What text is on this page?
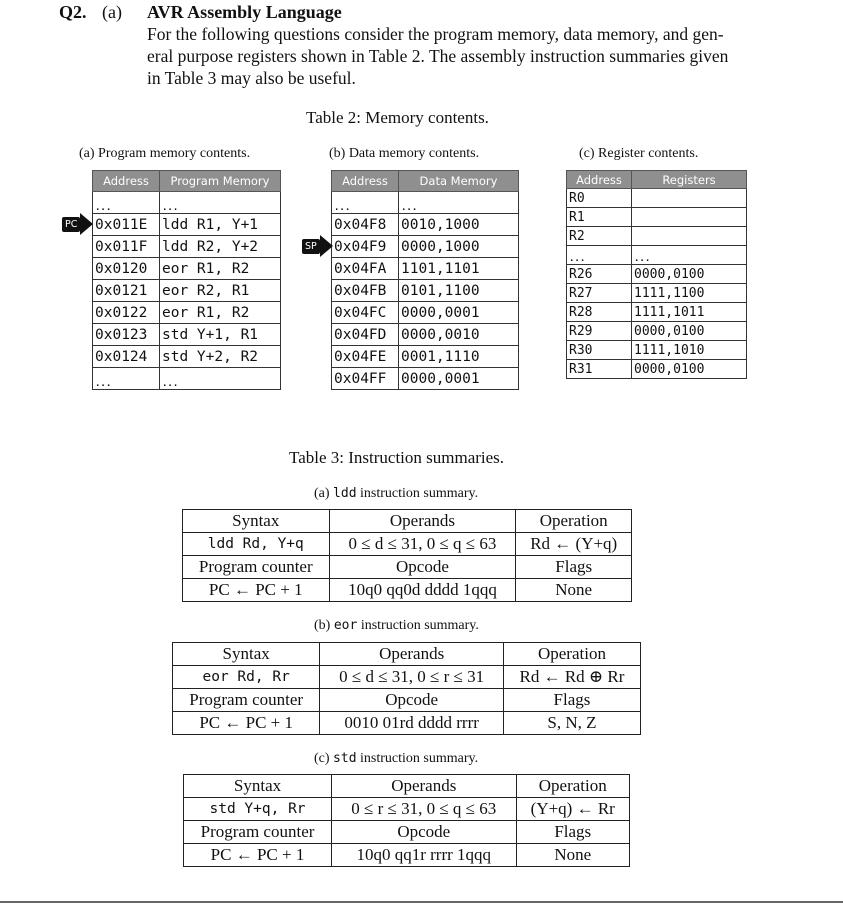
Q2. (a) AVR Assembly Language
For the following questions consider the program memory, data memory, and gen-
eral purpose registers shown in Table 2. The assembly instruction summaries given
in Table 3 may also be useful.
Table 2: Memory contents.
(a) Program memory contents.	(b) Data memory contents.	(c) Register contents.
Address	Program Memory
...	...
0x011E	ldd R1, Y+1
0x011F	ldd R2, Y+2
0x0120	eor R1, R2
0x0121	eor R2, R1
0x0122	eor R1, R2
0x0123	std Y+1, R1
0x0124	std Y+2, R2
...	...
PC
Address	Data Memory
...	...
0x04F8	0010,1000
0x04F9	0000,1000
0x04FA	1101,1101
0x04FB	0101,1100
0x04FC	0000,0001
0x04FD	0000,0010
0x04FE	0001,1110
0x04FF	0000,0001
SP
Address	Registers
R0	
R1	
R2	
...	...
R26	0000,0100
R27	1111,1100
R28	1111,1011
R29	0000,0100
R30	1111,1010
R31	0000,0100
Table 3: Instruction summaries.
(a) ldd instruction summary.
Syntax	Operands	Operation
ldd Rd, Y+q	0 ≤ d ≤ 31, 0 ≤ q ≤ 63	Rd ← (Y+q)
Program counter	Opcode	Flags
PC ← PC + 1	10q0 qq0d dddd 1qqq	None
(b) eor instruction summary.
Syntax	Operands	Operation
eor Rd, Rr	0 ≤ d ≤ 31, 0 ≤ r ≤ 31	Rd ← Rd ⊕ Rr
Program counter	Opcode	Flags
PC ← PC + 1	0010 01rd dddd rrrr	S, N, Z
(c) std instruction summary.
Syntax	Operands	Operation
std Y+q, Rr	0 ≤ r ≤ 31, 0 ≤ q ≤ 63	(Y+q) ← Rr
Program counter	Opcode	Flags
PC ← PC + 1	10q0 qq1r rrrr 1qqq	None
